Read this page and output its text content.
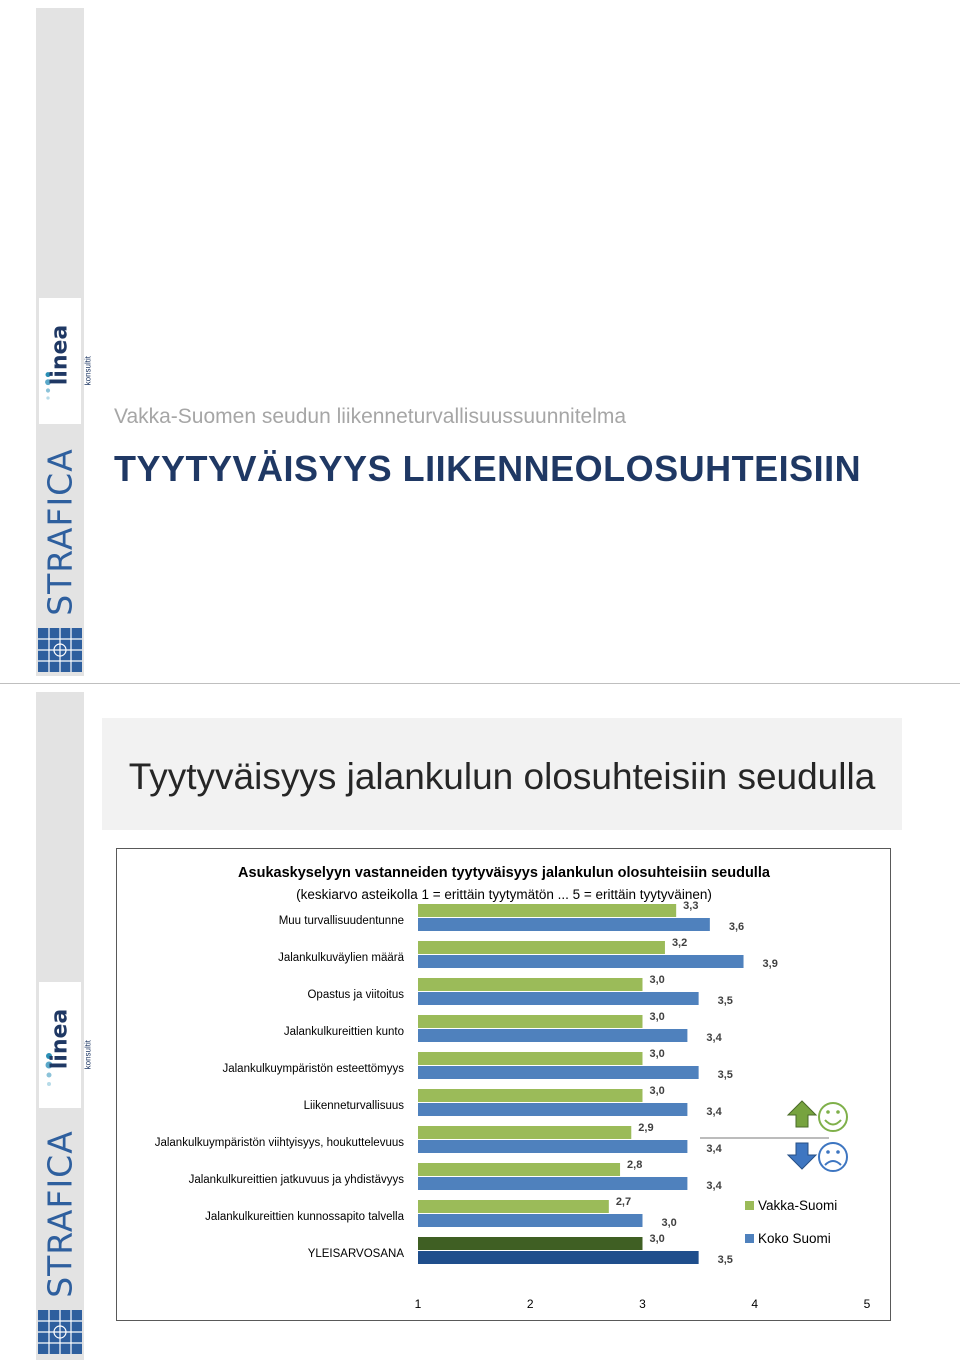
linea konsultit
STRAFICA
Vakka-Suomen seudun liikenneturvallisuussuunnitelma
TYYTYVÄISYYS LIIKENNEOLOSUHTEISIIN
linea konsultit
STRAFICA
Tyytyväisyys jalankulun olosuhteisiin seudulla
Asukaskyselyyn vastanneiden tyytyväisyys jalankulun olosuhteisiin seudulla
(keskiarvo asteikolla 1 = erittäin tyytymätön ... 5 = erittäin tyytyväinen)
Muu turvallisuudentunne
3,3
3,6
Jalankulkuväylien määrä
3,2
3,9
Opastus ja viitoitus
3,0
3,5
Jalankulkureittien kunto
3,0
3,4
Jalankulkuympäristön esteettömyys
3,0
3,5
Liikenneturvallisuus
3,0
3,4
Jalankulkuympäristön viihtyisyys, houkuttelevuus
2,9
3,4
Jalankulkureittien jatkuvuus ja yhdistävyys
2,8
3,4
Jalankulkureittien kunnossapito talvella
2,7
3,0
YLEISARVOSANA
3,0
3,5
1	2	3	4	5
Vakka-Suomi
Koko Suomi
